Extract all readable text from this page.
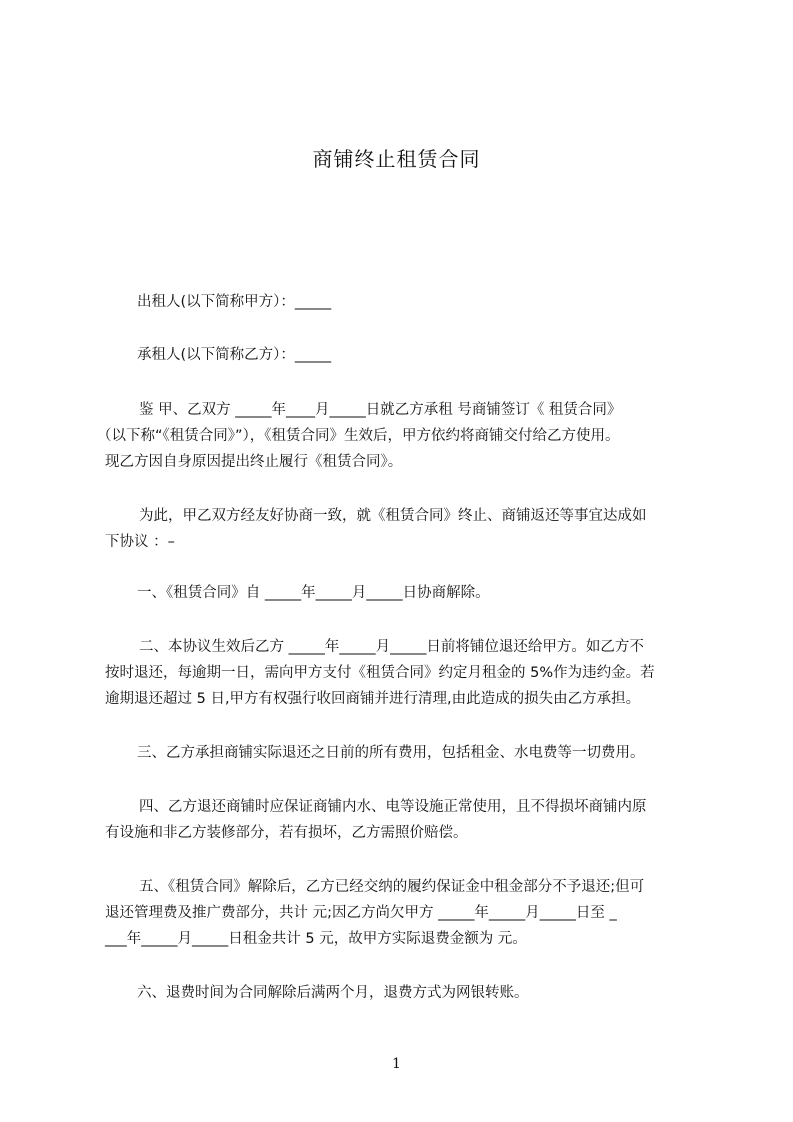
商铺终止租赁合同
出租人(以下简称甲方）：_____
承租人(以下简称乙方）：_____
鉴 甲、乙双方 _____年____月_____日就乙方承租 号商铺签订《 租赁合同》
（以下称“《租赁合同》”），《租赁合同》生效后，甲方依约将商铺交付给乙方使用。
现乙方因自身原因提出终止履行《租赁合同》。
为此，甲乙双方经友好协商一致，就《租赁合同》终止、商铺返还等事宜达成如
下协议 ：–
一、《租赁合同》自 _____年_____月_____日协商解除。
二、本协议生效后乙方 _____年_____月_____日前将铺位退还给甲方。如乙方不
按时退还，每逾期一日，需向甲方支付《租赁合同》约定月租金的 5%作为违约金。若
逾期退还超过 5 日,甲方有权强行收回商铺并进行清理,由此造成的损失由乙方承担。
三、乙方承担商铺实际退还之日前的所有费用，包括租金、水电费等一切费用。
四、乙方退还商铺时应保证商铺内水、电等设施正常使用，且不得损坏商铺内原
有设施和非乙方装修部分，若有损坏，乙方需照价赔偿。
五、《租赁合同》解除后，乙方已经交纳的履约保证金中租金部分不予退还;但可
退还管理费及推广费部分，共计 元;因乙方尚欠甲方 _____年_____月_____日至 _
___年_____月_____日租金共计 5 元，故甲方实际退费金额为 元。
六、退费时间为合同解除后满两个月，退费方式为网银转账。
1
